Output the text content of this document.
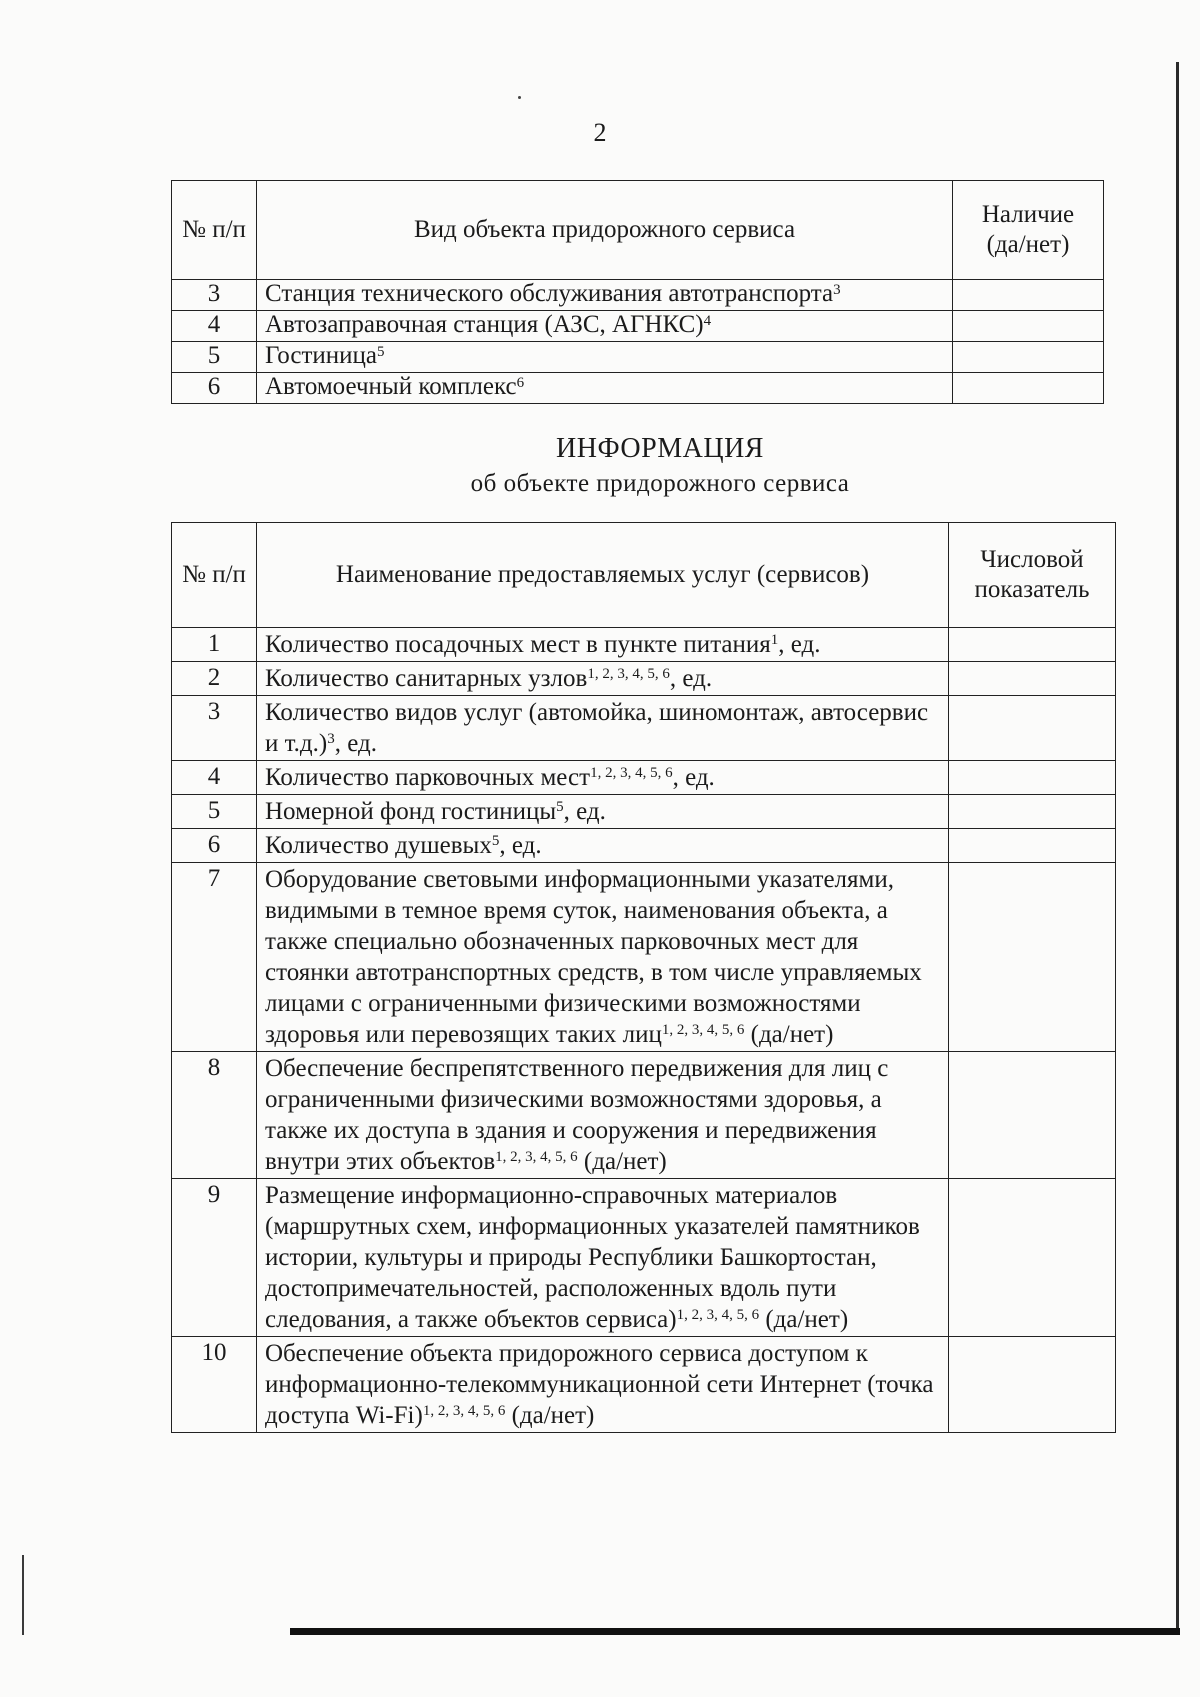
2
№ п/п	Вид объекта придорожного сервиса	Наличие (да/нет)
3	Станция технического обслуживания автотранспорта$^3$	
4	Автозаправочная станция (АЗС, АГНКС)$^4$	
5	Гостиница$^5$	
6	Автомоечный комплекс$^6$	
ИНФОРМАЦИЯ
об объекте придорожного сервиса
№ п/п	Наименование предоставляемых услуг (сервисов)	Числовой показатель
1	Количество посадочных мест в пункте питания$^1$, ед.	
2	Количество санитарных узлов$^{1, 2, 3, 4, 5, 6}$, ед.	
3	Количество видов услуг (автомойка, шиномонтаж, автосервис и т.д.)$^3$, ед.	
4	Количество парковочных мест$^{1, 2, 3, 4, 5, 6}$, ед.	
5	Номерной фонд гостиницы$^5$, ед.	
6	Количество душевых$^5$, ед.	
7	Оборудование световыми информационными указателями, видимыми в темное время суток, наименования объекта, а также специально обозначенных парковочных мест для стоянки автотранспортных средств, в том числе управляемых лицами с ограниченными физическими возможностями здоровья или перевозящих таких лиц$^{1, 2, 3, 4, 5, 6}$ (да/нет)	
8	Обеспечение беспрепятственного передвижения для лиц с ограниченными физическими возможностями здоровья, а также их доступа в здания и сооружения и передвижения внутри этих объектов$^{1, 2, 3, 4, 5, 6}$ (да/нет)	
9	Размещение информационно-справочных материалов (маршрутных схем, информационных указателей памятников истории, культуры и природы Республики Башкортостан, достопримечательностей, расположенных вдоль пути следования, а также объектов сервиса)$^{1, 2, 3, 4, 5, 6}$ (да/нет)	
10	Обеспечение объекта придорожного сервиса доступом к информационно-телекоммуникационной сети Интернет (точка доступа Wi-Fi)$^{1, 2, 3, 4, 5, 6}$ (да/нет)	
